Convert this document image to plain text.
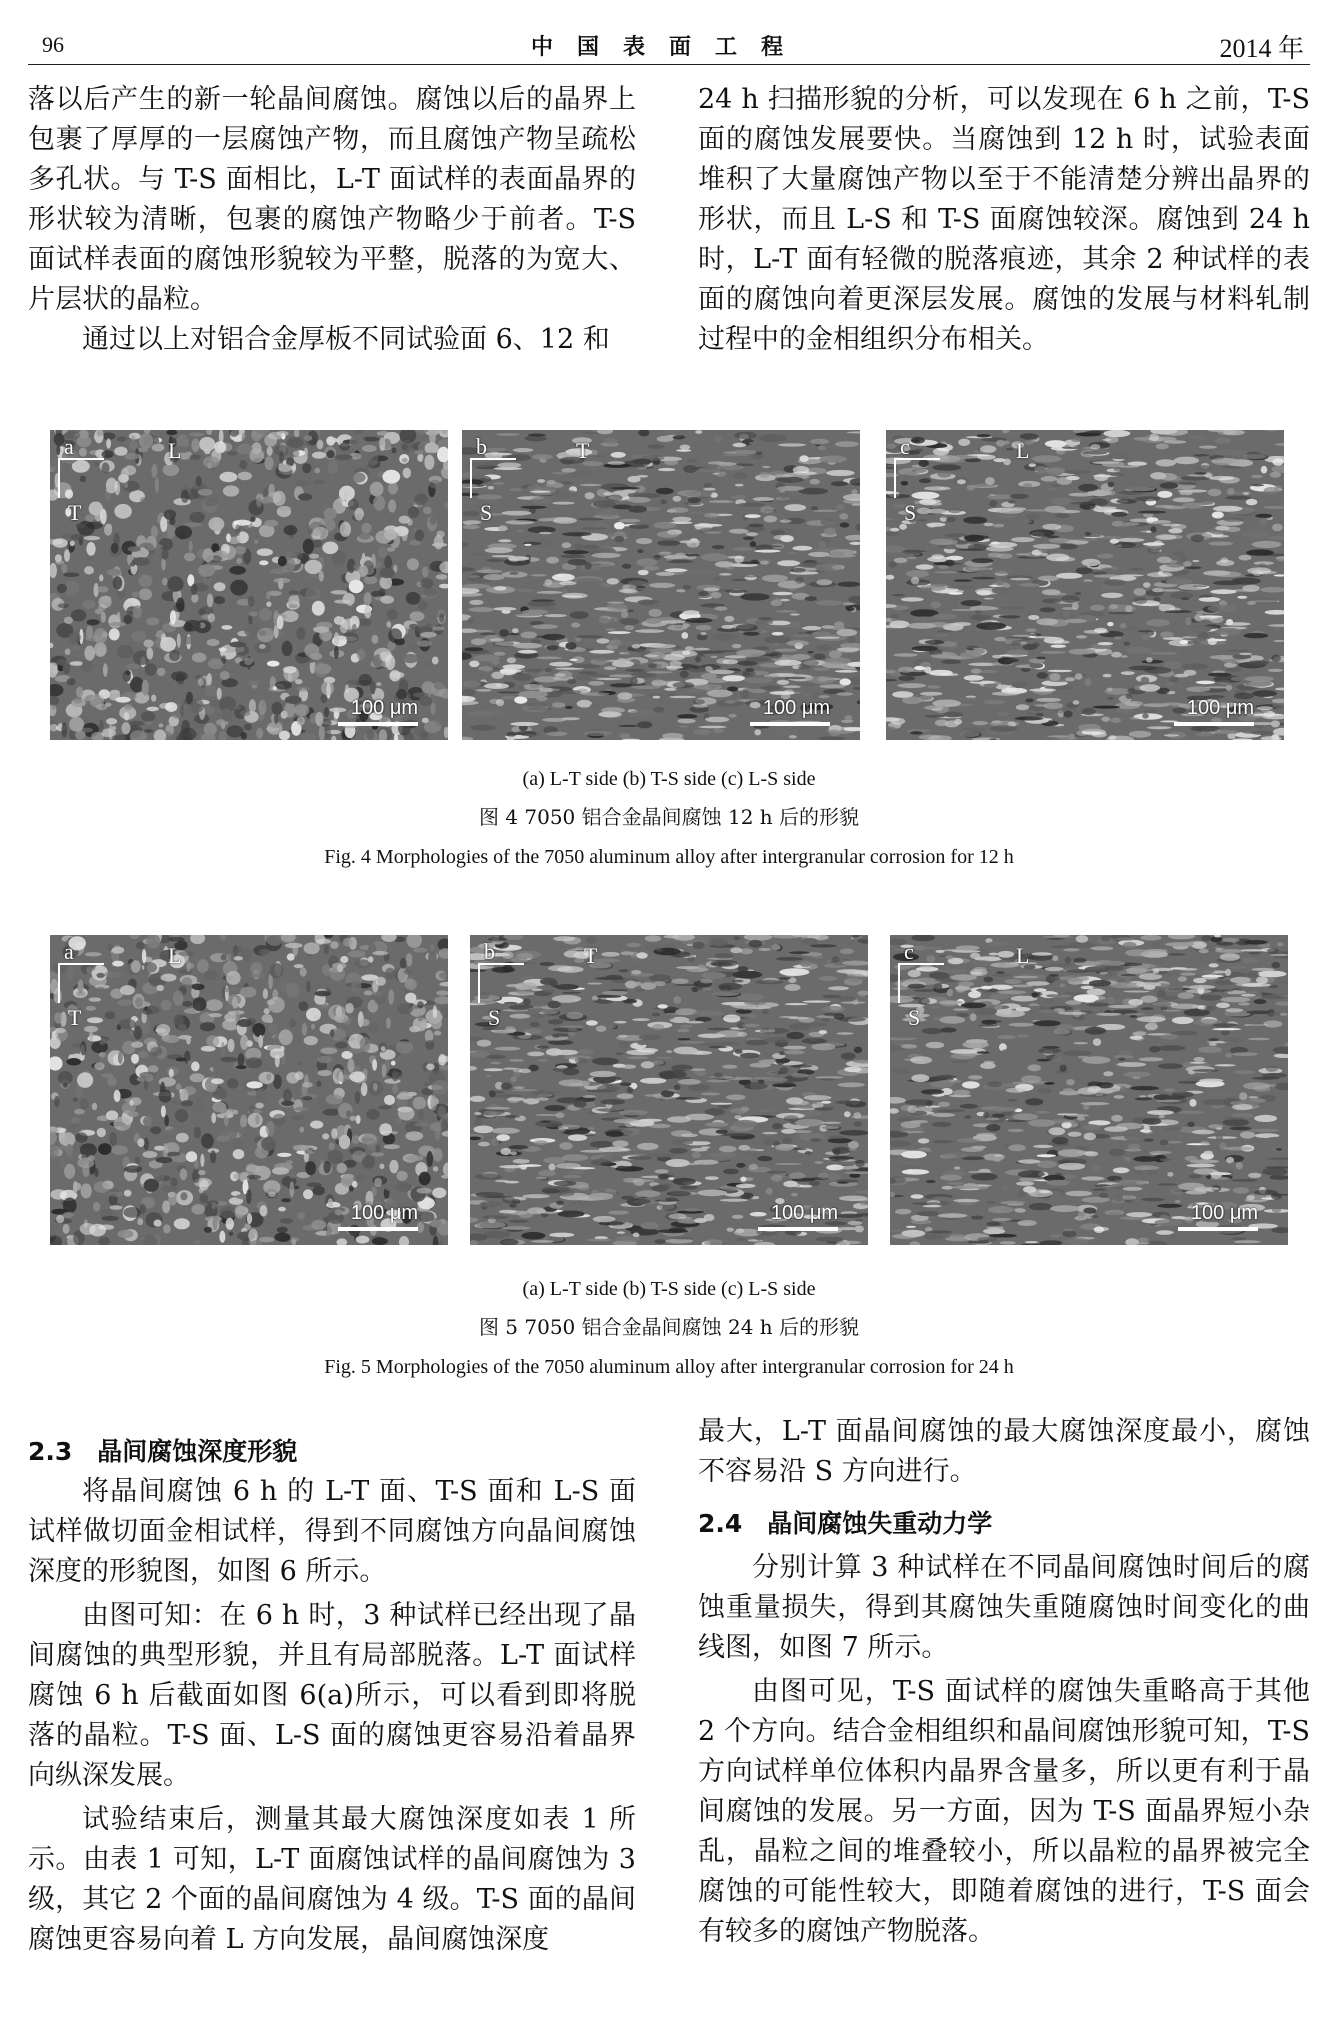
96	中国表面工程	2014 年

落以后产生的新一轮晶间腐蚀。腐蚀以后的晶界上包裹了厚厚的一层腐蚀产物，而且腐蚀产物呈疏松多孔状。与 T-S 面相比，L-T 面试样的表面晶界的形状较为清晰，包裹的腐蚀产物略少于前者。T-S 面试样表面的腐蚀形貌较为平整，脱落的为宽大、片层状的晶粒。

通过以上对铝合金厚板不同试验面 6、12 和

24 h 扫描形貌的分析，可以发现在 6 h 之前，T-S 面的腐蚀发展要快。当腐蚀到 12 h 时，试验表面堆积了大量腐蚀产物以至于不能清楚分辨出晶界的形状，而且 L-S 和 T-S 面腐蚀较深。腐蚀到 24 h 时，L-T 面有轻微的脱落痕迹，其余 2 种试样的表面的腐蚀向着更深层发展。腐蚀的发展与材料轧制过程中的金相组织分布相关。

a	L
T
100 μm
b	T
S
100 μm
c	L
S
100 μm
(a) L-T side (b) T-S side (c) L-S side
图 4 7050 铝合金晶间腐蚀 12 h 后的形貌
Fig. 4 Morphologies of the 7050 aluminum alloy after intergranular corrosion for 12 h
a	L
T
100 μm
b	T
S
100 μm
c	L
S
100 μm
(a) L-T side (b) T-S side (c) L-S side
图 5 7050 铝合金晶间腐蚀 24 h 后的形貌
Fig. 5 Morphologies of the 7050 aluminum alloy after intergranular corrosion for 24 h

2.3　晶间腐蚀深度形貌

将晶间腐蚀 6 h 的 L-T 面、T-S 面和 L-S 面试样做切面金相试样，得到不同腐蚀方向晶间腐蚀深度的形貌图，如图 6 所示。

由图可知：在 6 h 时，3 种试样已经出现了晶间腐蚀的典型形貌，并且有局部脱落。L-T 面试样腐蚀 6 h 后截面如图 6(a)所示，可以看到即将脱落的晶粒。T-S 面、L-S 面的腐蚀更容易沿着晶界向纵深发展。

试验结束后，测量其最大腐蚀深度如表 1 所示。由表 1 可知，L-T 面腐蚀试样的晶间腐蚀为 3 级，其它 2 个面的晶间腐蚀为 4 级。T-S 面的晶间腐蚀更容易向着 L 方向发展，晶间腐蚀深度

最大，L-T 面晶间腐蚀的最大腐蚀深度最小，腐蚀不容易沿 S 方向进行。

2.4　晶间腐蚀失重动力学

分别计算 3 种试样在不同晶间腐蚀时间后的腐蚀重量损失，得到其腐蚀失重随腐蚀时间变化的曲线图，如图 7 所示。

由图可见，T-S 面试样的腐蚀失重略高于其他 2 个方向。结合金相组织和晶间腐蚀形貌可知，T-S 方向试样单位体积内晶界含量多，所以更有利于晶间腐蚀的发展。另一方面，因为 T-S 面晶界短小杂乱，晶粒之间的堆叠较小，所以晶粒的晶界被完全腐蚀的可能性较大，即随着腐蚀的进行，T-S 面会有较多的腐蚀产物脱落。
